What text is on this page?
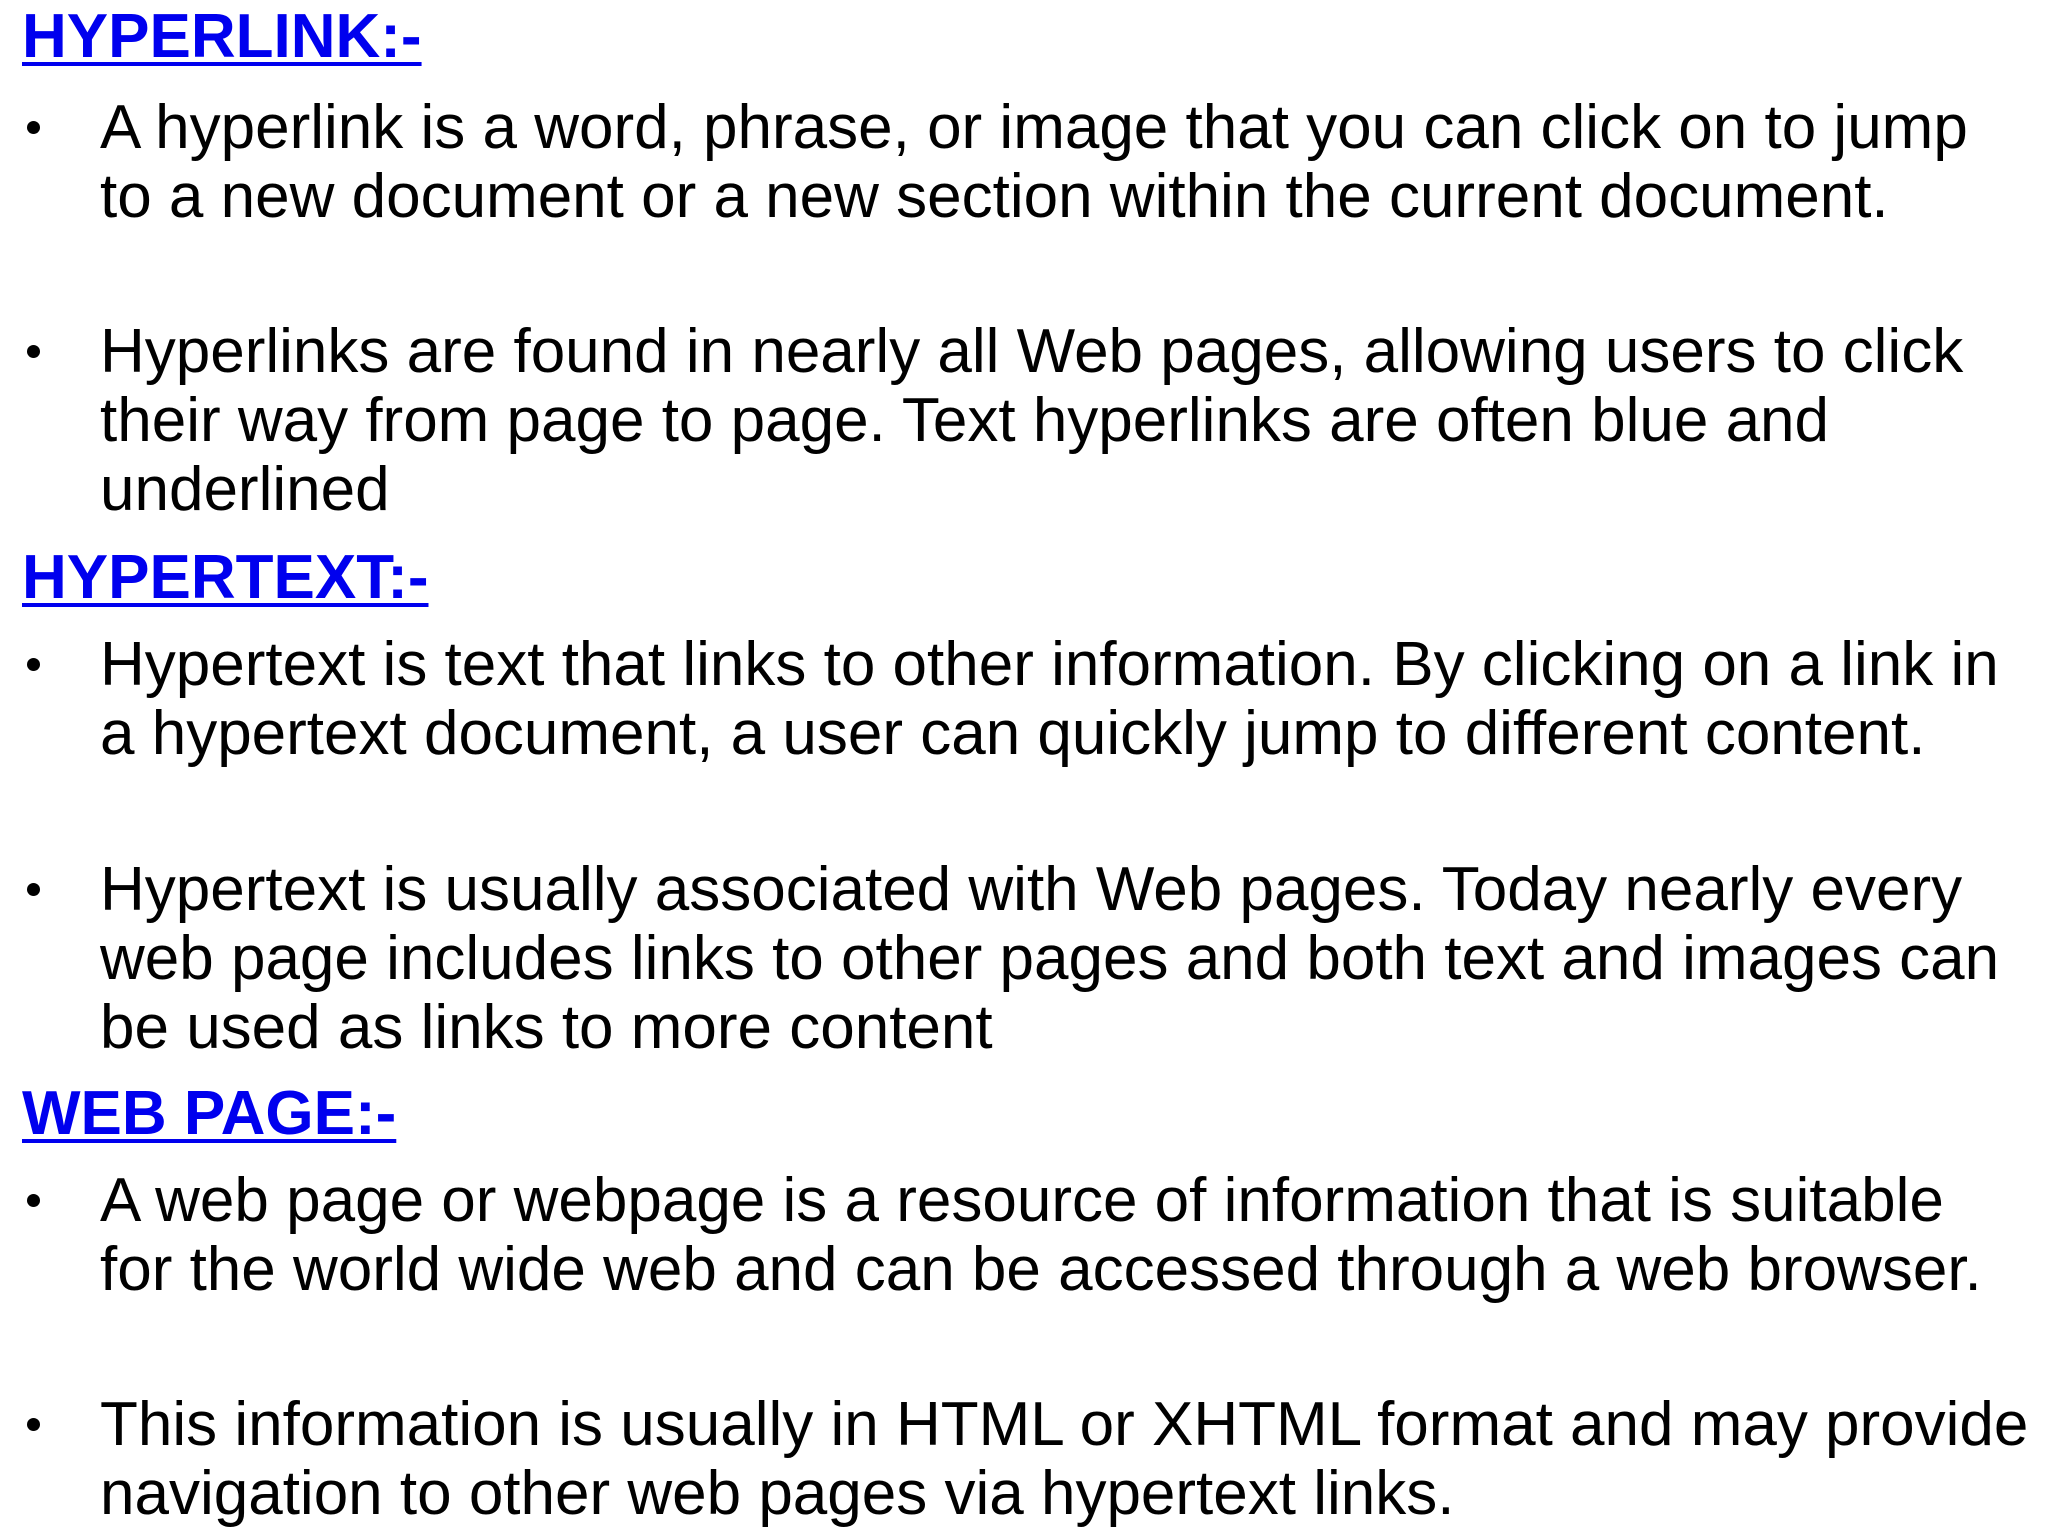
HYPERLINK:-

A hyperlink is a word, phrase, or image that you can click on to jump to a new document or a new section within the current document.

Hyperlinks are found in nearly all Web pages, allowing users to click their way from page to page. Text hyperlinks are often blue and underlined

HYPERTEXT:-

Hypertext is text that links to other information. By clicking on a link in a hypertext document, a user can quickly jump to different content.

Hypertext is usually associated with Web pages. Today nearly every web page includes links to other pages and both text and images can be used as links to more content

WEB PAGE:-

A web page or webpage is a resource of information that is suitable for the world wide web and can be accessed through a web browser.

This information is usually in HTML or XHTML format and may provide navigation to other web pages via hypertext links.
